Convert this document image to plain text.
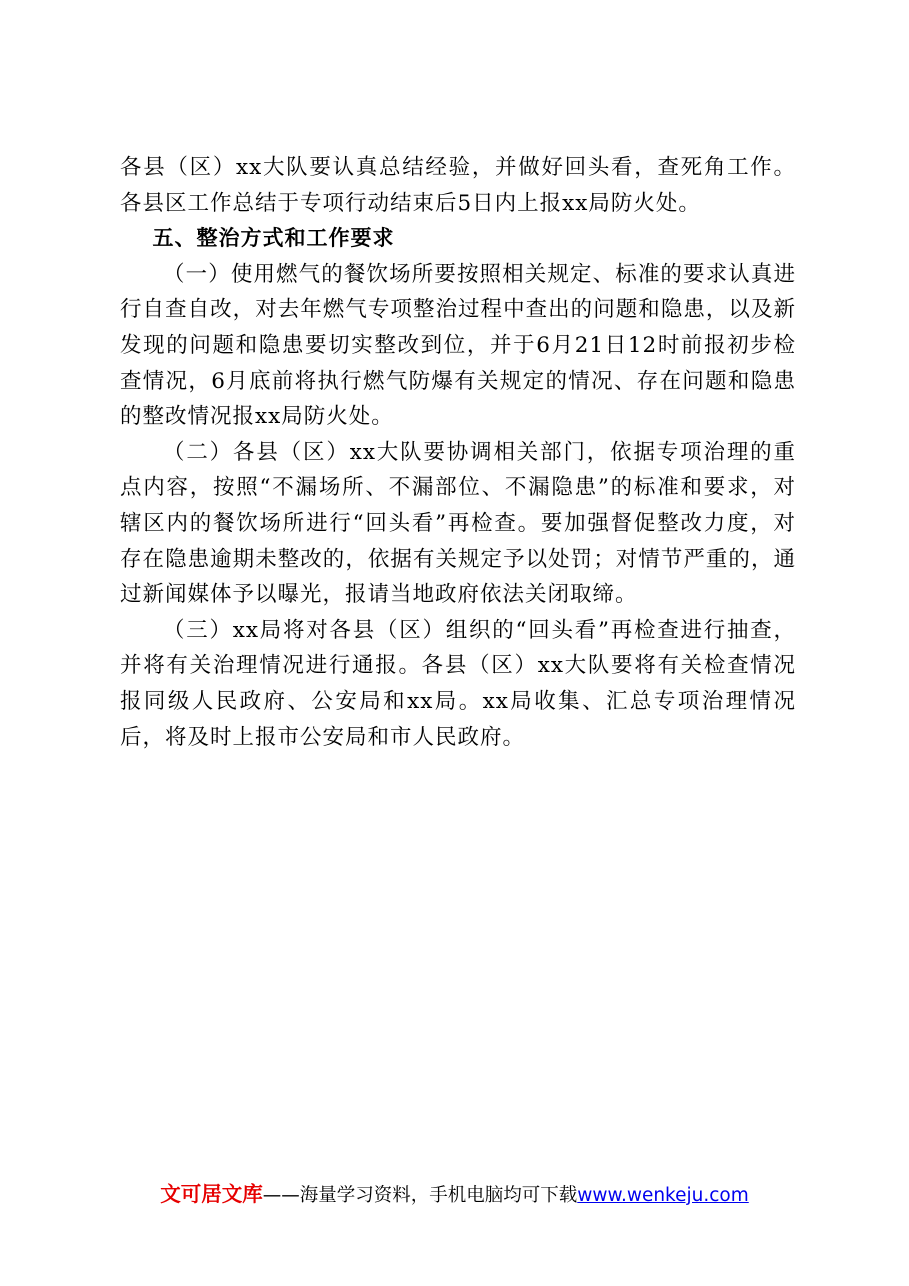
各县（区）xx大队要认真总结经验，并做好回头看，查死角工作。各县区工作总结于专项行动结束后5日内上报xx局防火处。

五、整治方式和工作要求

（一）使用燃气的餐饮场所要按照相关规定、标准的要求认真进行自查自改，对去年燃气专项整治过程中查出的问题和隐患，以及新发现的问题和隐患要切实整改到位，并于6月21日12时前报初步检查情况，6月底前将执行燃气防爆有关规定的情况、存在问题和隐患的整改情况报xx局防火处。

（二）各县（区）xx大队要协调相关部门，依据专项治理的重点内容，按照“不漏场所、不漏部位、不漏隐患”的标准和要求，对辖区内的餐饮场所进行“回头看”再检查。要加强督促整改力度，对存在隐患逾期未整改的，依据有关规定予以处罚；对情节严重的，通过新闻媒体予以曝光，报请当地政府依法关闭取缔。

（三）xx局将对各县（区）组织的“回头看”再检查进行抽查，并将有关治理情况进行通报。各县（区）xx大队要将有关检查情况报同级人民政府、公安局和xx局。xx局收集、汇总专项治理情况后，将及时上报市公安局和市人民政府。

文可居文库——海量学习资料，手机电脑均可下载www.wenkeju.com
